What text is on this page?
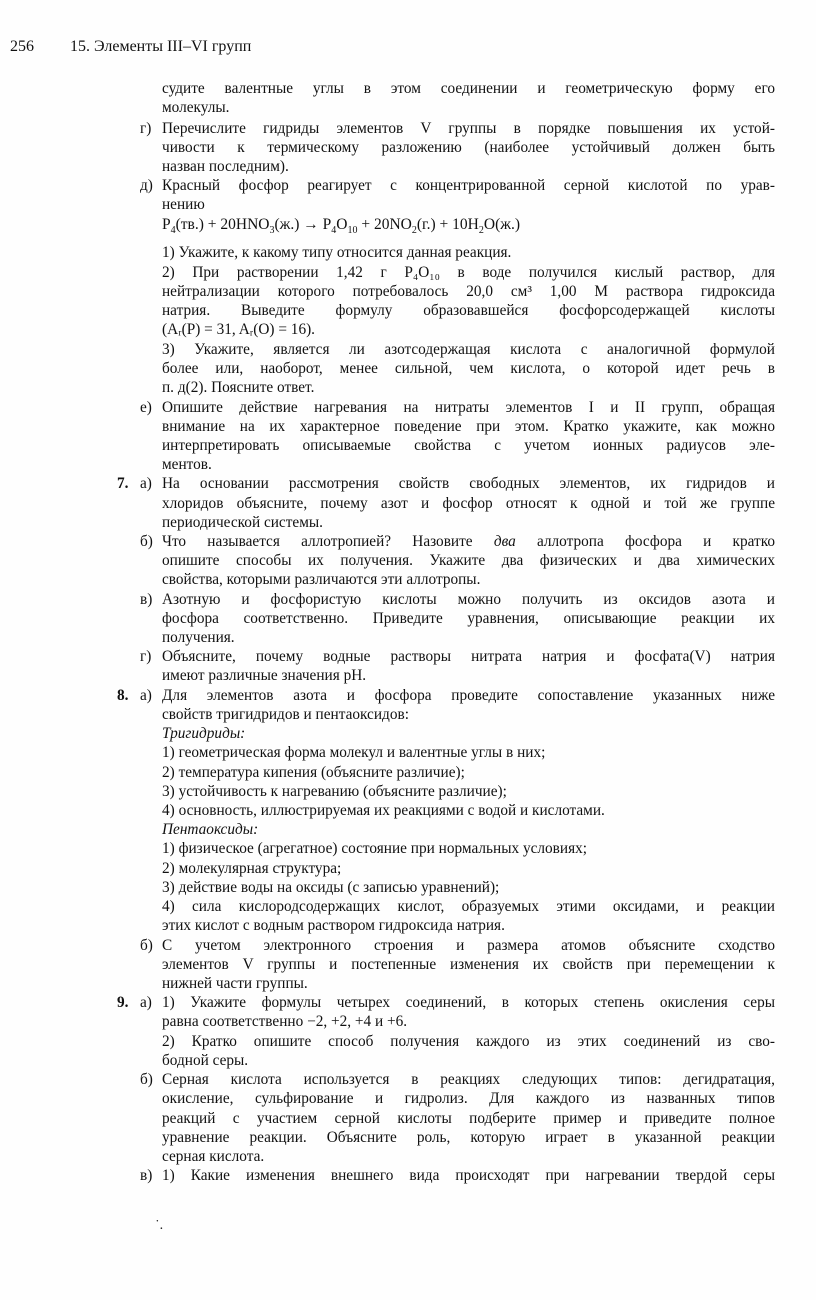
256 15. Элементы III–VI групп
судите валентные углы в этом соединении и геометрическую форму его
молекулы.
г) Перечислите гидриды элементов V группы в порядке повышения их устой-
чивости к термическому разложению (наиболее устойчивый должен быть
назван последним).
д) Красный фосфор реагирует с концентрированной серной кислотой по урав-
нению
$P_4(тв.) + 20HNO_3(ж.) \to P_4O_{10} + 20NO_2(г.) + 10H_2O(ж.)$
1) Укажите, к какому типу относится данная реакция.
2) При растворении 1,42 г P₄O₁₀ в воде получился кислый раствор, для
нейтрализации которого потребовалось 20,0 см³ 1,00 М раствора гидроксида
натрия. Выведите формулу образовавшейся фосфорсодержащей кислоты
(Aᵣ(P) = 31, Aᵣ(O) = 16).
3) Укажите, является ли азотсодержащая кислота с аналогичной формулой
более или, наоборот, менее сильной, чем кислота, о которой идет речь в
п. д(2). Поясните ответ.
е) Опишите действие нагревания на нитраты элементов I и II групп, обращая
внимание на их характерное поведение при этом. Кратко укажите, как можно
интерпретировать описываемые свойства с учетом ионных радиусов эле-
ментов.
7. а) На основании рассмотрения свойств свободных элементов, их гидридов и
хлоридов объясните, почему азот и фосфор относят к одной и той же группе
периодической системы.
б) Что называется аллотропией? Назовите два аллотропа фосфора и кратко
опишите способы их получения. Укажите два физических и два химических
свойства, которыми различаются эти аллотропы.
в) Азотную и фосфористую кислоты можно получить из оксидов азота и
фосфора соответственно. Приведите уравнения, описывающие реакции их
получения.
г) Объясните, почему водные растворы нитрата натрия и фосфата(V) натрия
имеют различные значения pH.
8. а) Для элементов азота и фосфора проведите сопоставление указанных ниже
свойств тригидридов и пентаоксидов:
Тригидриды:
1) геометрическая форма молекул и валентные углы в них;
2) температура кипения (объясните различие);
3) устойчивость к нагреванию (объясните различие);
4) основность, иллюстрируемая их реакциями с водой и кислотами.
Пентаоксиды:
1) физическое (агрегатное) состояние при нормальных условиях;
2) молекулярная структура;
3) действие воды на оксиды (с записью уравнений);
4) сила кислородсодержащих кислот, образуемых этими оксидами, и реакции
этих кислот с водным раствором гидроксида натрия.
б) С учетом электронного строения и размера атомов объясните сходство
элементов V группы и постепенные изменения их свойств при перемещении к
нижней части группы.
9. а) 1) Укажите формулы четырех соединений, в которых степень окисления серы
равна соответственно −2, +2, +4 и +6.
2) Кратко опишите способ получения каждого из этих соединений из сво-
бодной серы.
б) Серная кислота используется в реакциях следующих типов: дегидратация,
окисление, сульфирование и гидролиз. Для каждого из названных типов
реакций с участием серной кислоты подберите пример и приведите полное
уравнение реакции. Объясните роль, которую играет в указанной реакции
серная кислота.
в) 1) Какие изменения внешнего вида происходят при нагревании твердой серы
˙.
